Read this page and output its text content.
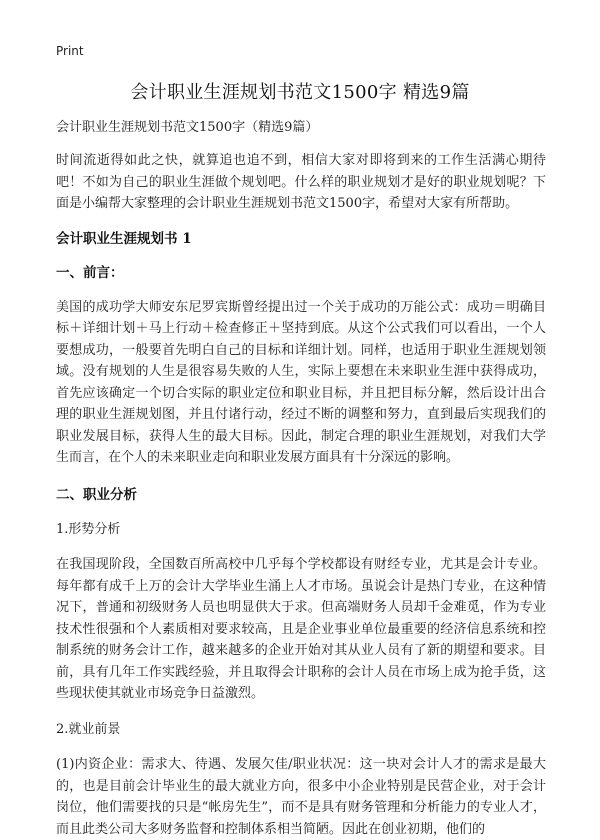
Print
会计职业生涯规划书范文1500字 精选9篇

会计职业生涯规划书范文1500字（精选9篇）

时间流逝得如此之快，就算追也追不到，相信大家对即将到来的工作生活满心期待吧！不如为自己的职业生涯做个规划吧。什么样的职业规划才是好的职业规划呢？下面是小编帮大家整理的会计职业生涯规划书范文1500字，希望对大家有所帮助。

会计职业生涯规划书 1
一、前言：

美国的成功学大师安东尼罗宾斯曾经提出过一个关于成功的万能公式：成功＝明确目标＋详细计划＋马上行动＋检查修正＋坚持到底。从这个公式我们可以看出，一个人要想成功，一般要首先明白自己的目标和详细计划。同样，也适用于职业生涯规划领域。没有规划的人生是很容易失败的人生，实际上要想在未来职业生涯中获得成功，首先应该确定一个切合实际的职业定位和职业目标，并且把目标分解，然后设计出合理的职业生涯规划图，并且付诸行动，经过不断的调整和努力，直到最后实现我们的职业发展目标，获得人生的最大目标。因此，制定合理的职业生涯规划，对我们大学生而言，在个人的未来职业走向和职业发展方面具有十分深远的影响。

二、职业分析

1.形势分析

在我国现阶段，全国数百所高校中几乎每个学校都设有财经专业，尤其是会计专业。每年都有成千上万的会计大学毕业生涌上人才市场。虽说会计是热门专业，在这种情况下，普通和初级财务人员也明显供大于求。但高端财务人员却千金难觅，作为专业技术性很强和个人素质相对要求较高，且是企业事业单位最重要的经济信息系统和控制系统的财务会计工作，越来越多的企业开始对其从业人员有了新的期望和要求。目前，具有几年工作实践经验，并且取得会计职称的会计人员在市场上成为抢手货，这些现状使其就业市场竞争日益激烈。

2.就业前景

(1)内资企业：需求大、待遇、发展欠佳/职业状况：这一块对会计人才的需求是最大的，也是目前会计毕业生的最大就业方向，很多中小企业特别是民营企业，对于会计岗位，他们需要找的只是“帐房先生”，而不是具有财务管理和分析能力的专业人才，而且此类公司大多财务监督和控制体系相当简陋。因此在创业初期，他们的
